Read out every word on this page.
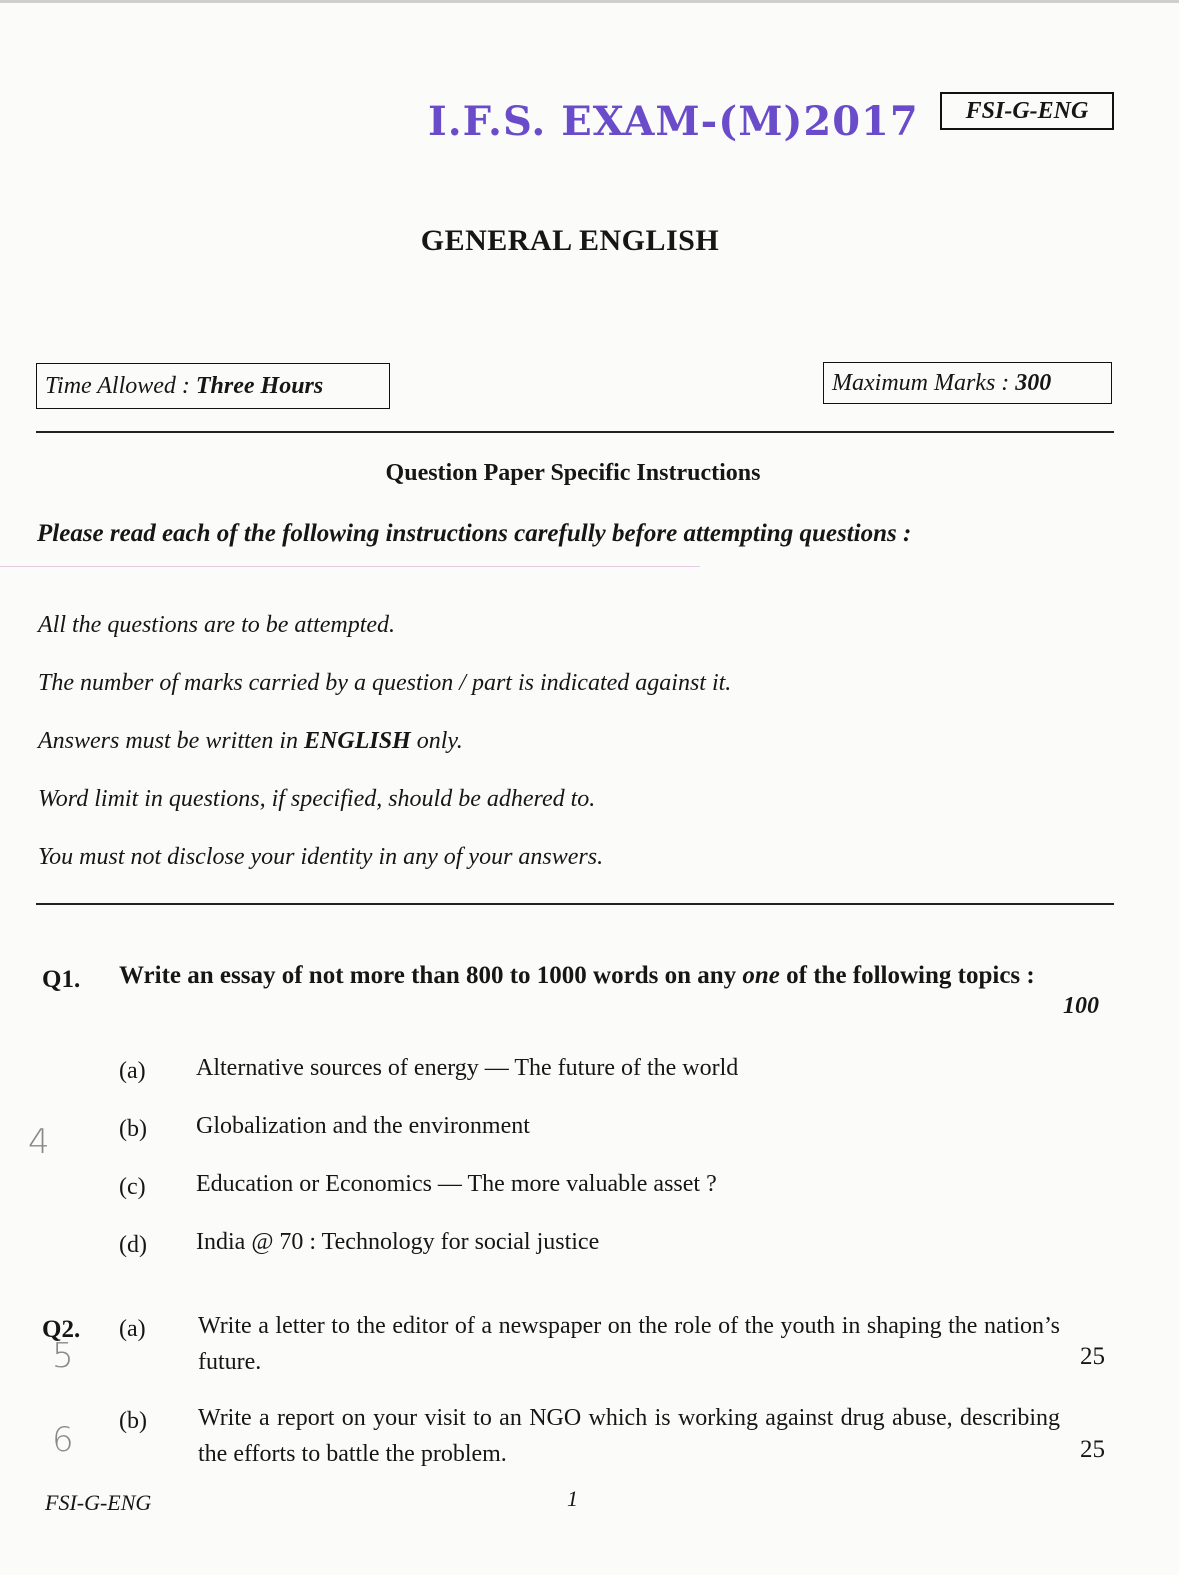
I.F.S. EXAM-(M)2017	FSI-G-ENG
GENERAL ENGLISH
Time Allowed : Three Hours	Maximum Marks : 300
Question Paper Specific Instructions
Please read each of the following instructions carefully before attempting questions :
All the questions are to be attempted.
The number of marks carried by a question / part is indicated against it.
Answers must be written in ENGLISH only.
Word limit in questions, if specified, should be adhered to.
You must not disclose your identity in any of your answers.
Q1. Write an essay of not more than 800 to 1000 words on any one of the following topics :
100
(a) Alternative sources of energy — The future of the world
(b) Globalization and the environment
(c) Education or Economics — The more valuable asset ?
(d) India @ 70 : Technology for social justice
Q2. (a) Write a letter to the editor of a newspaper on the role of the youth in shaping the nation’s future.	25
(b) Write a report on your visit to an NGO which is working against drug abuse, describing the efforts to battle the problem.	25
4
5
6
FSI-G-ENG	1
